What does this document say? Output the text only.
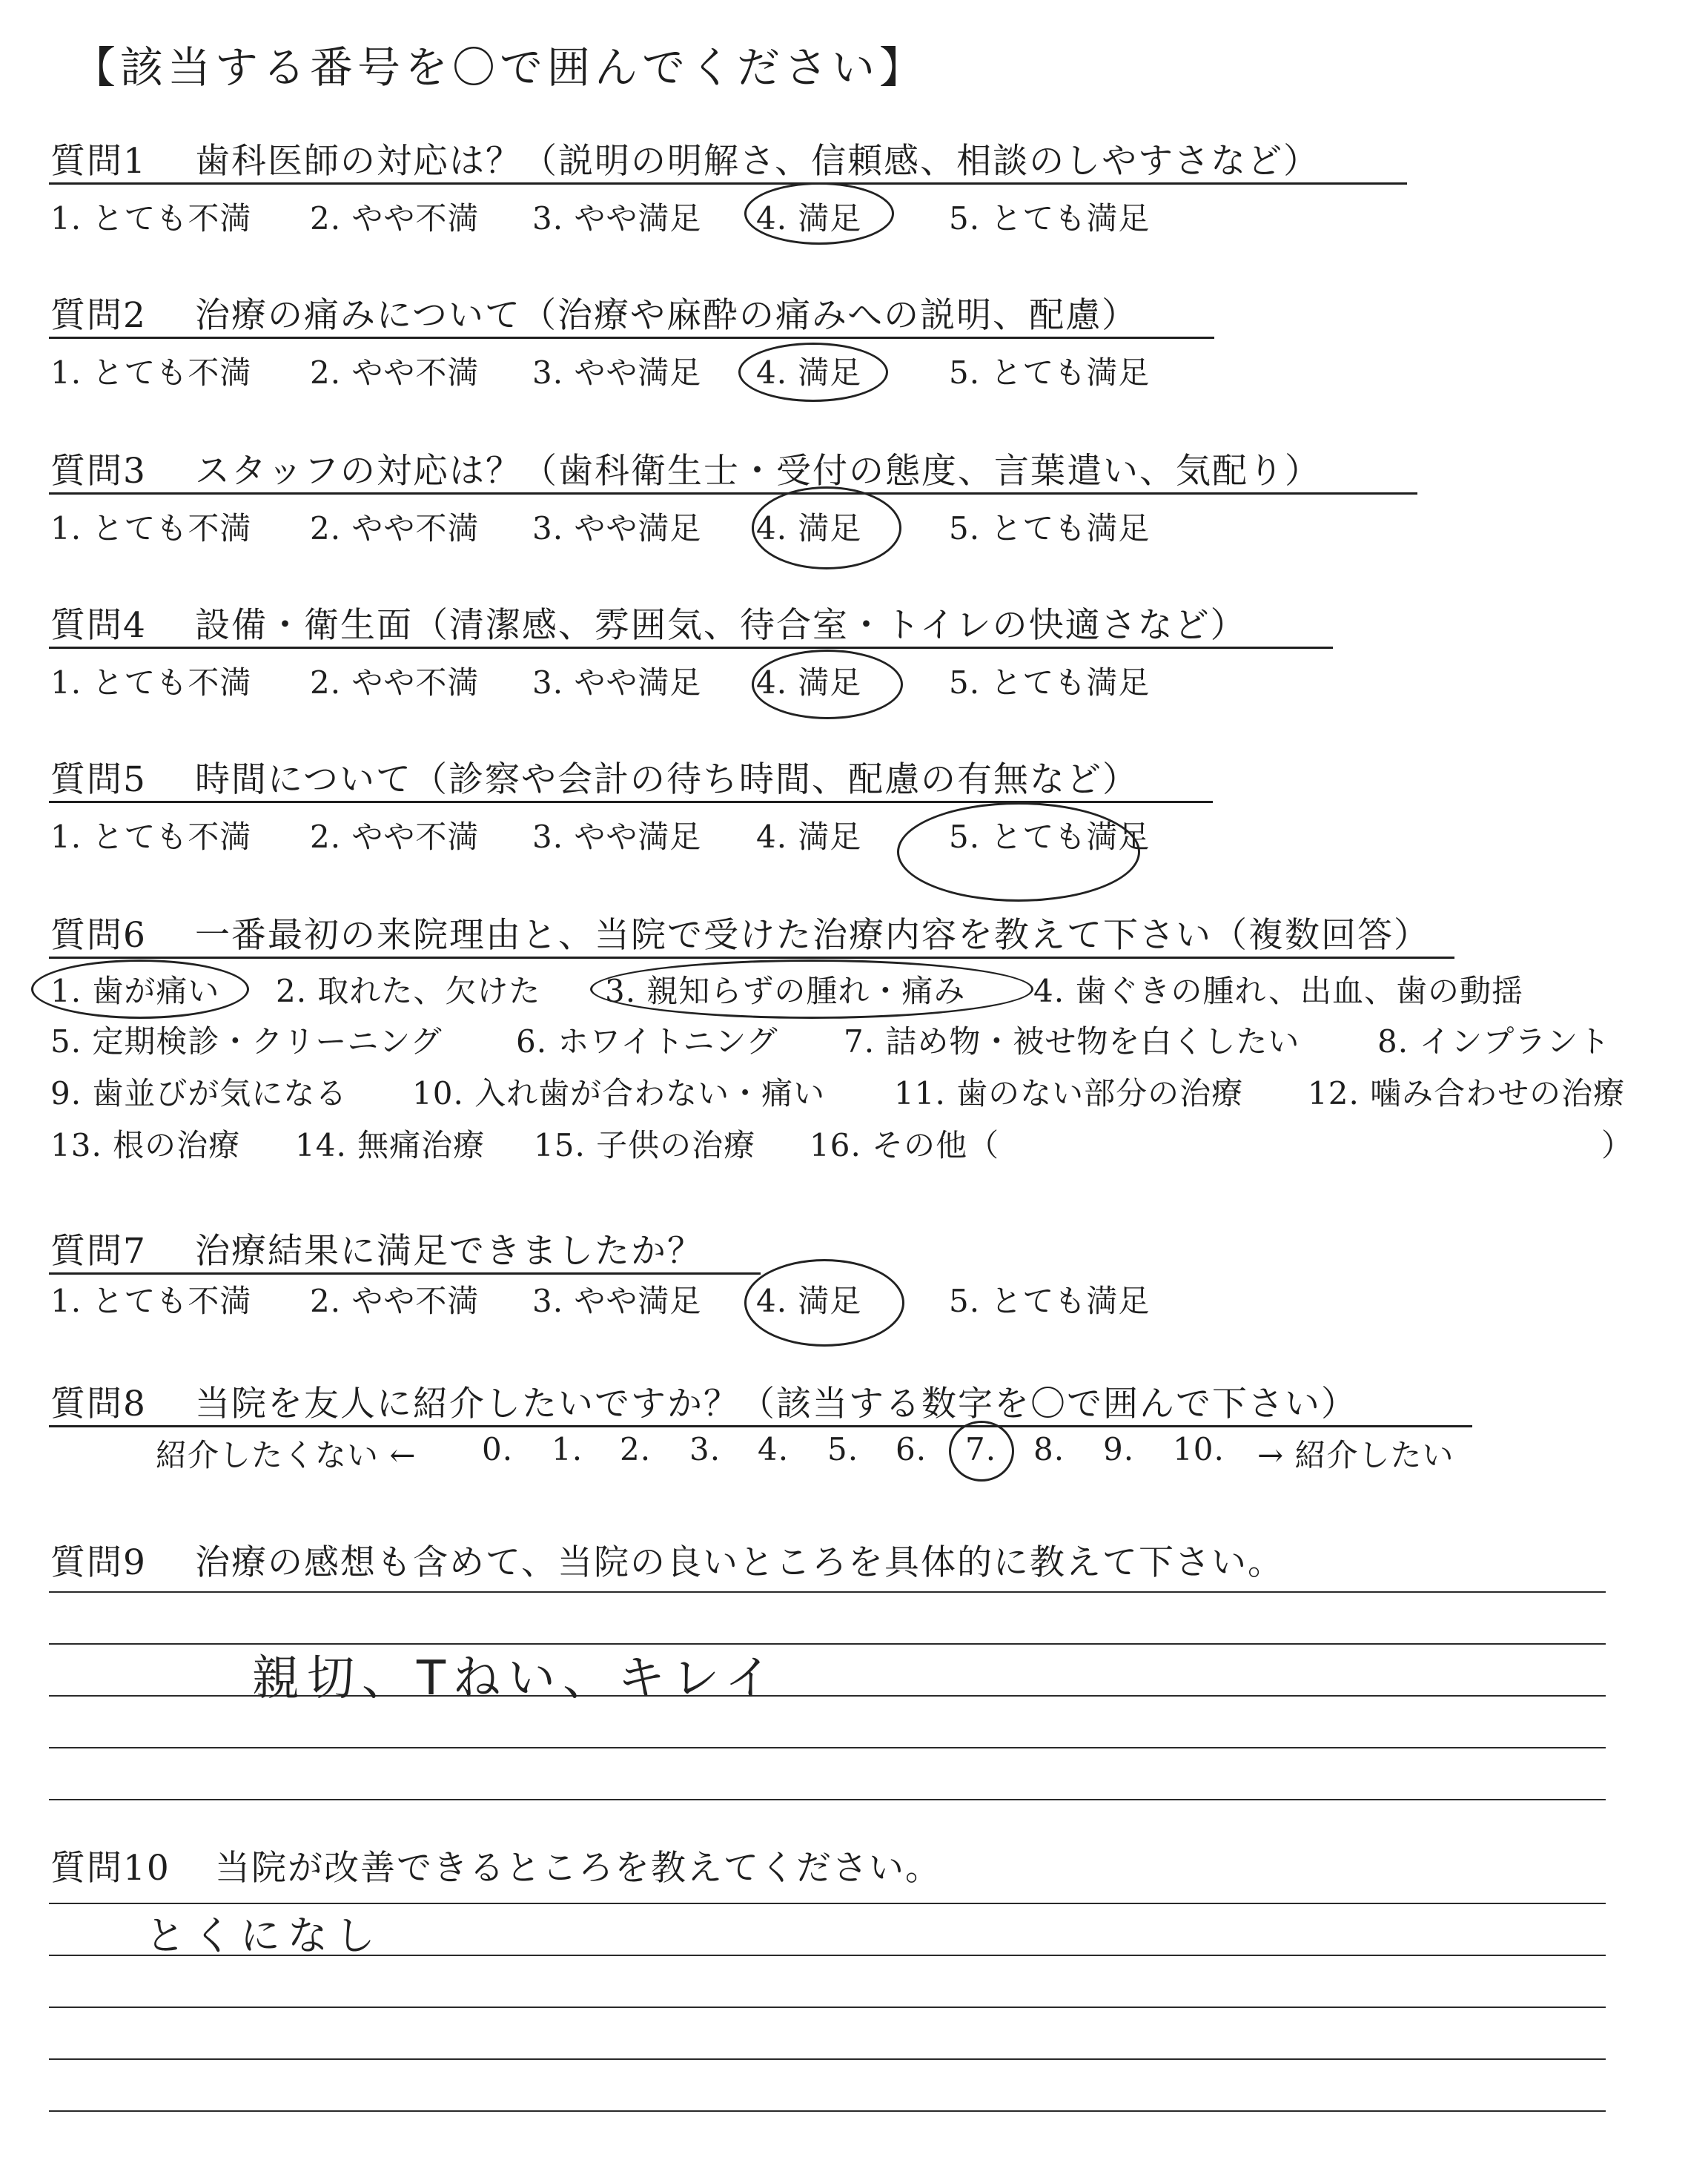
【該当する番号を〇で囲んでください】
質問1 歯科医師の対応は？（説明の明解さ、信頼感、相談のしやすさなど）
1. とても不満 2. やや不満 3. やや満足 4. 満足	5. とても満足
質問2 治療の痛みについて（治療や麻酔の痛みへの説明、配慮）
1. とても不満 2. やや不満 3. やや満足 4. 満足	5. とても満足
質問3 スタッフの対応は？（歯科衛生士・受付の態度、言葉遣い、気配り）
1. とても不満 2. やや不満 3. やや満足 4. 満足	5. とても満足
質問4 設備・衛生面（清潔感、雰囲気、待合室・トイレの快適さなど）
1. とても不満 2. やや不満 3. やや満足 4. 満足	5. とても満足
質問5 時間について（診察や会計の待ち時間、配慮の有無など）
1. とても不満 2. やや不満 3. やや満足 4. 満足	5. とても満足
質問6 一番最初の来院理由と、当院で受けた治療内容を教えて下さい（複数回答）
1. 歯が痛い 2. 取れた、欠けた 3. 親知らずの腫れ・痛み 4. 歯ぐきの腫れ、出血、歯の動揺
5. 定期検診・クリーニング 6. ホワイトニング 7. 詰め物・被せ物を白くしたい 8. インプラント
9. 歯並びが気になる 10. 入れ歯が合わない・痛い 11. 歯のない部分の治療 12. 噛み合わせの治療
13. 根の治療 14. 無痛治療 15. 子供の治療 16. その他（	）
質問7 治療結果に満足できましたか？
1. とても不満 2. やや不満 3. やや満足 4. 満足	5. とても満足
質問8 当院を友人に紹介したいですか？（該当する数字を〇で囲んで下さい）
紹介したくない ← 0. 1. 2. 3. 4. 5. 6. 7. 8. 9. 10. → 紹介したい
質問9 治療の感想も含めて、当院の良いところを具体的に教えて下さい。
親切、Tねい、キレイ
質問10 当院が改善できるところを教えてください。
とくになし
